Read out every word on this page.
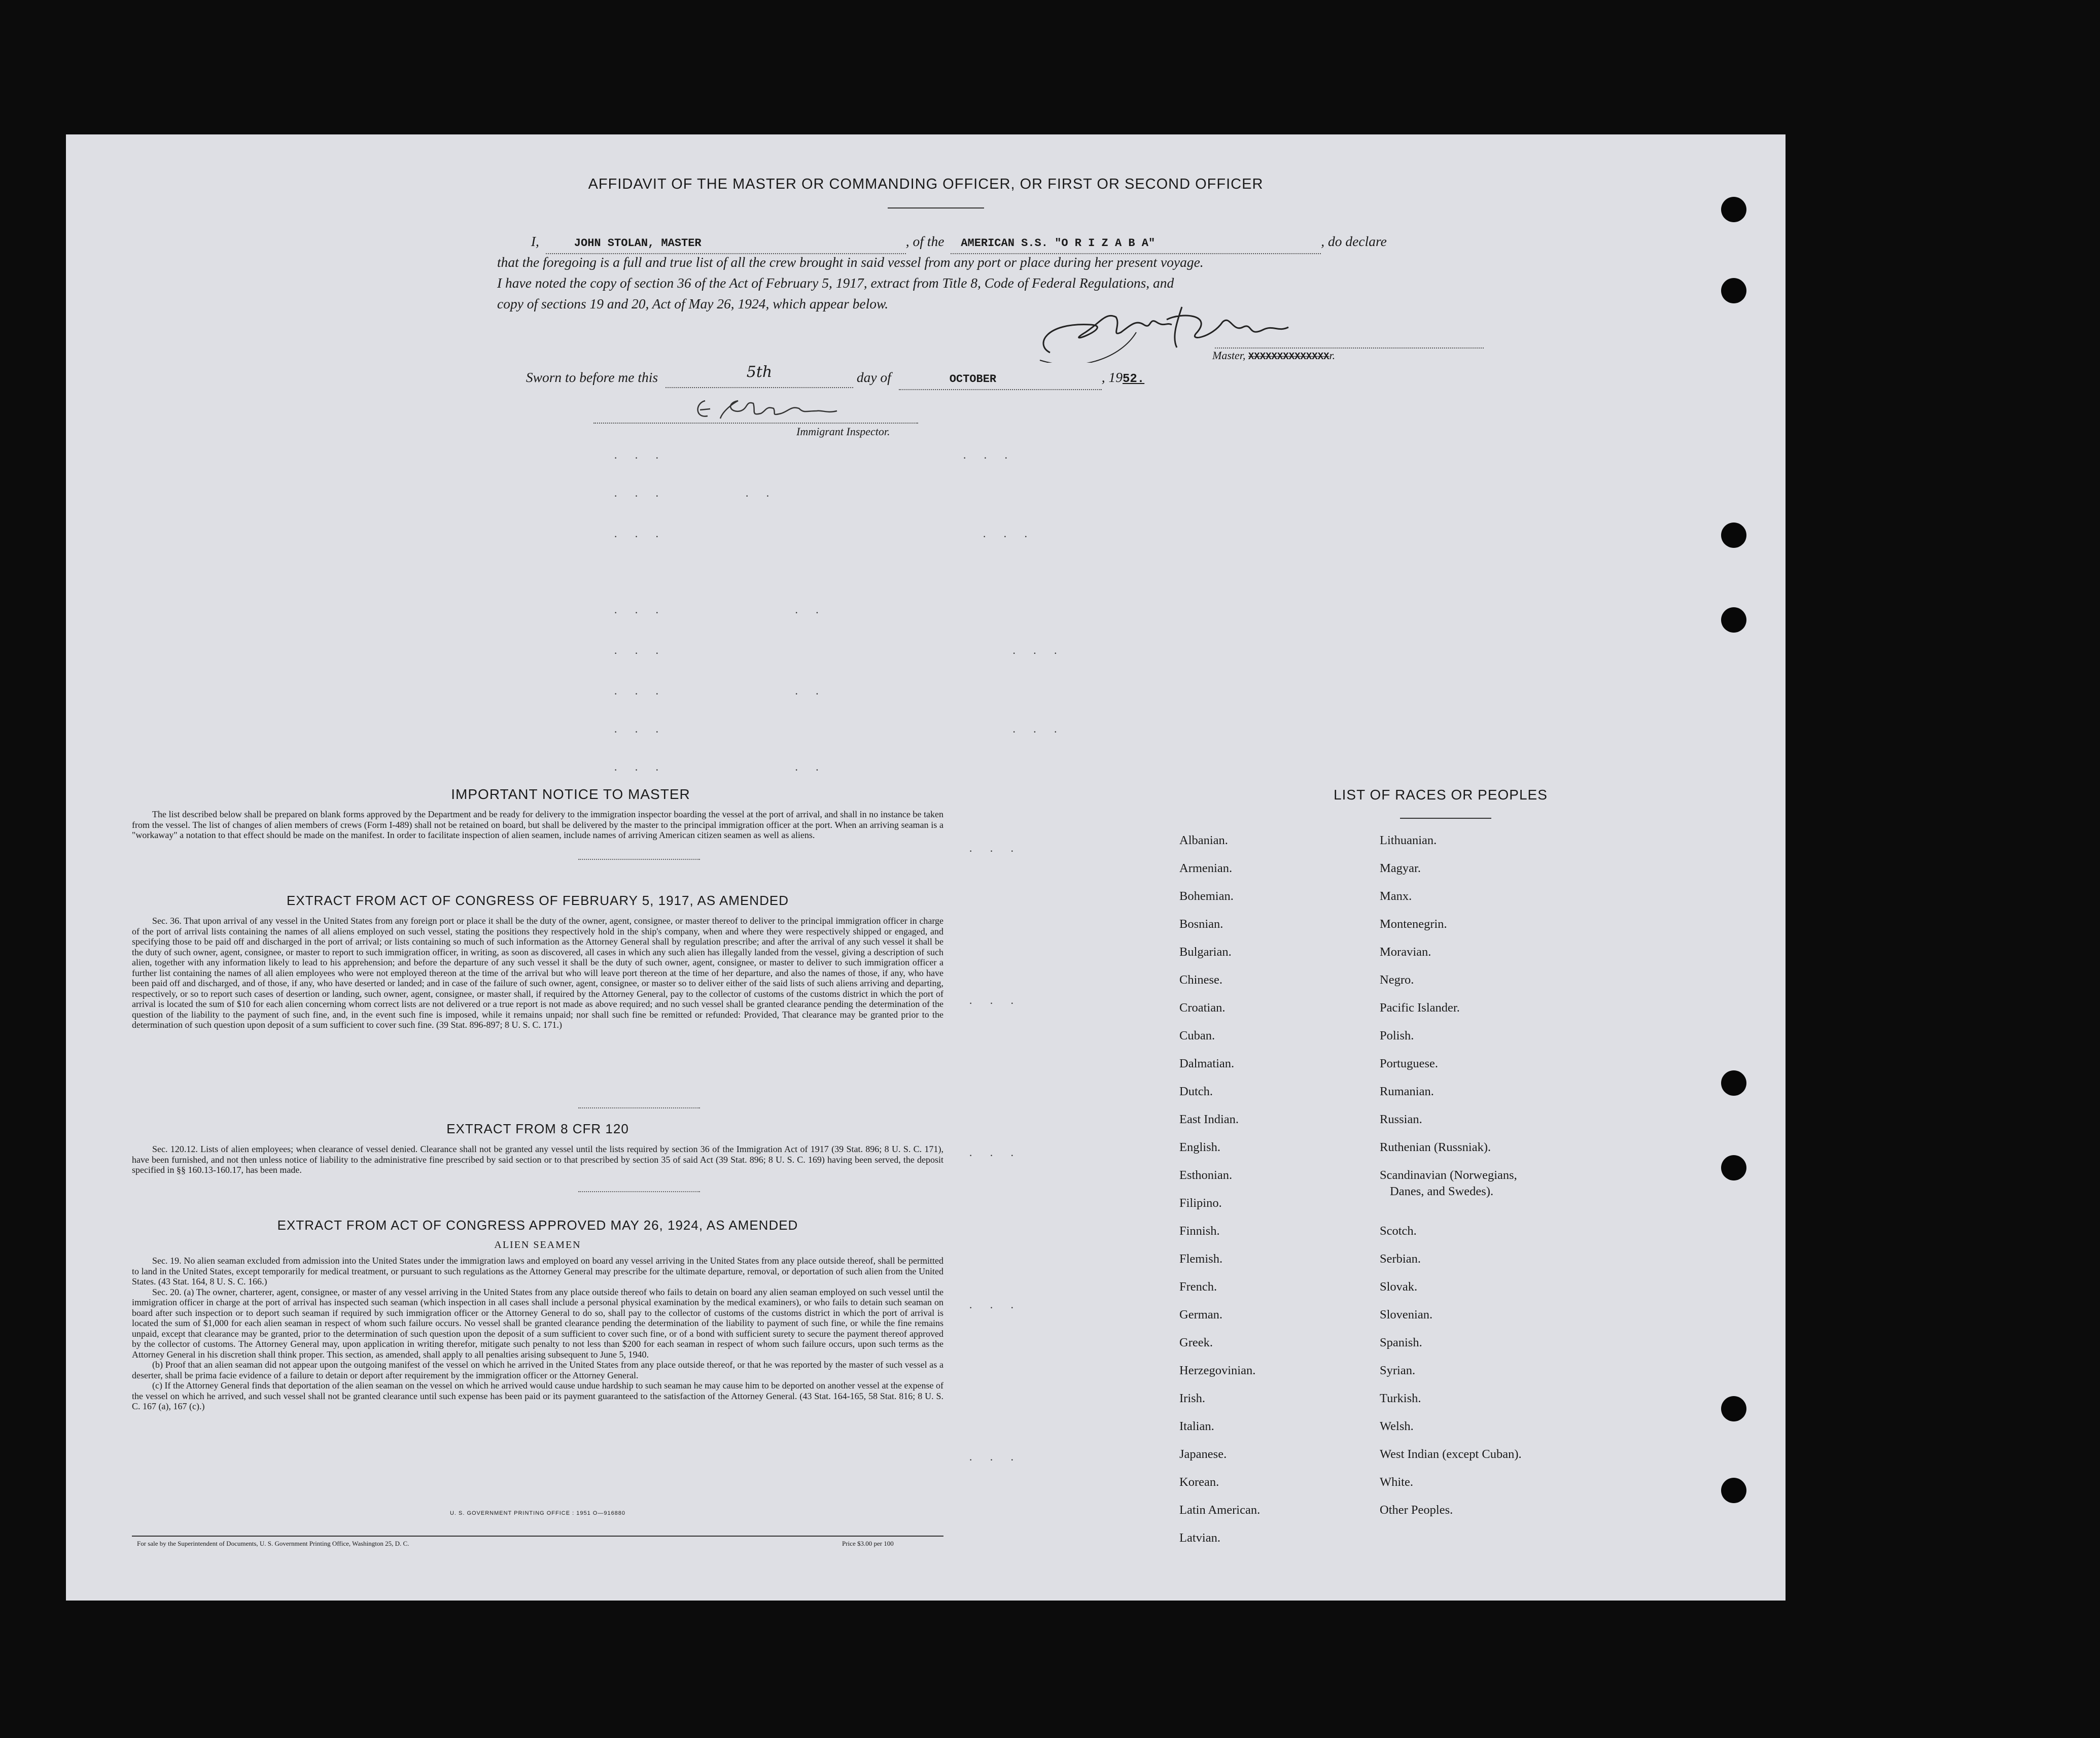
AFFIDAVIT OF THE MASTER OR COMMANDING OFFICER, OR FIRST OR SECOND OFFICER
I,	JOHN STOLAN, MASTER	, of the AMERICAN S.S. "O R I Z A B A"	, do declare
that the foregoing is a full and true list of all the crew brought in said vessel from any port or place during her present voyage.
I have noted the copy of section 36 of the Act of February 5, 1917, extract from Title 8, Code of Federal Regulations, and
copy of sections 19 and 20, Act of May 26, 1924, which appear below.
Master, XXXXXXXXXXXXXXr.
Sworn to before me this	5th	day of	OCTOBER	, 1952.
Immigrant Inspector.
· · ·                              · · ·
· · ·        · ·
· · ·                                · · ·
· · ·             · ·
· · ·                                   · · ·
· · ·             · ·
· · ·                                   · · ·
· · ·             · ·
· · ·
· · ·
· · ·
· · ·
· · ·
IMPORTANT NOTICE TO MASTER

The list described below shall be prepared on blank forms approved by the Department and be ready for delivery to the immigration inspector boarding the vessel at the port of arrival, and shall in no instance be taken from the vessel. The list of changes of alien members of crews (Form I-489) shall not be retained on board, but shall be delivered by the master to the principal immigration officer at the port. When an arriving seaman is a "workaway" a notation to that effect should be made on the manifest. In order to facilitate inspection of alien seamen, include names of arriving American citizen seamen as well as aliens.

EXTRACT FROM ACT OF CONGRESS OF FEBRUARY 5, 1917, AS AMENDED

Sec. 36. That upon arrival of any vessel in the United States from any foreign port or place it shall be the duty of the owner, agent, consignee, or master thereof to deliver to the principal immigration officer in charge of the port of arrival lists containing the names of all aliens employed on such vessel, stating the positions they respectively hold in the ship's company, when and where they were respectively shipped or engaged, and specifying those to be paid off and discharged in the port of arrival; or lists containing so much of such information as the Attorney General shall by regulation prescribe; and after the arrival of any such vessel it shall be the duty of such owner, agent, consignee, or master to report to such immigration officer, in writing, as soon as discovered, all cases in which any such alien has illegally landed from the vessel, giving a description of such alien, together with any information likely to lead to his apprehension; and before the departure of any such vessel it shall be the duty of such owner, agent, consignee, or master to deliver to such immigration officer a further list containing the names of all alien employees who were not employed thereon at the time of the arrival but who will leave port thereon at the time of her departure, and also the names of those, if any, who have been paid off and discharged, and of those, if any, who have deserted or landed; and in case of the failure of such owner, agent, consignee, or master so to deliver either of the said lists of such aliens arriving and departing, respectively, or so to report such cases of desertion or landing, such owner, agent, consignee, or master shall, if required by the Attorney General, pay to the collector of customs of the customs district in which the port of arrival is located the sum of $10 for each alien concerning whom correct lists are not delivered or a true report is not made as above required; and no such vessel shall be granted clearance pending the determination of the question of the liability to the payment of such fine, and, in the event such fine is imposed, while it remains unpaid; nor shall such fine be remitted or refunded: Provided, That clearance may be granted prior to the determination of such question upon deposit of a sum sufficient to cover such fine. (39 Stat. 896-897; 8 U. S. C. 171.)

EXTRACT FROM 8 CFR 120

Sec. 120.12. Lists of alien employees; when clearance of vessel denied. Clearance shall not be granted any vessel until the lists required by section 36 of the Immigration Act of 1917 (39 Stat. 896; 8 U. S. C. 171), have been furnished, and not then unless notice of liability to the administrative fine prescribed by said section or to that prescribed by section 35 of said Act (39 Stat. 896; 8 U. S. C. 169) having been served, the deposit specified in §§ 160.13-160.17, has been made.

EXTRACT FROM ACT OF CONGRESS APPROVED MAY 26, 1924, AS AMENDED
ALIEN SEAMEN

Sec. 19. No alien seaman excluded from admission into the United States under the immigration laws and employed on board any vessel arriving in the United States from any place outside thereof, shall be permitted to land in the United States, except temporarily for medical treatment, or pursuant to such regulations as the Attorney General may prescribe for the ultimate departure, removal, or deportation of such alien from the United States. (43 Stat. 164, 8 U. S. C. 166.)

Sec. 20. (a) The owner, charterer, agent, consignee, or master of any vessel arriving in the United States from any place outside thereof who fails to detain on board any alien seaman employed on such vessel until the immigration officer in charge at the port of arrival has inspected such seaman (which inspection in all cases shall include a personal physical examination by the medical examiners), or who fails to detain such seaman on board after such inspection or to deport such seaman if required by such immigration officer or the Attorney General to do so, shall pay to the collector of customs of the customs district in which the port of arrival is located the sum of $1,000 for each alien seaman in respect of whom such failure occurs. No vessel shall be granted clearance pending the determination of the liability to payment of such fine, or while the fine remains unpaid, except that clearance may be granted, prior to the determination of such question upon the deposit of a sum sufficient to cover such fine, or of a bond with sufficient surety to secure the payment thereof approved by the collector of customs. The Attorney General may, upon application in writing therefor, mitigate such penalty to not less than $200 for each seaman in respect of whom such failure occurs, upon such terms as the Attorney General in his discretion shall think proper. This section, as amended, shall apply to all penalties arising subsequent to June 5, 1940.

(b) Proof that an alien seaman did not appear upon the outgoing manifest of the vessel on which he arrived in the United States from any place outside thereof, or that he was reported by the master of such vessel as a deserter, shall be prima facie evidence of a failure to detain or deport after requirement by the immigration officer or the Attorney General.

(c) If the Attorney General finds that deportation of the alien seaman on the vessel on which he arrived would cause undue hardship to such seaman he may cause him to be deported on another vessel at the expense of the vessel on which he arrived, and such vessel shall not be granted clearance until such expense has been paid or its payment guaranteed to the satisfaction of the Attorney General. (43 Stat. 164-165, 58 Stat. 816; 8 U. S. C. 167 (a), 167 (c).)

U. S. GOVERNMENT PRINTING OFFICE : 1951 O—916880
For sale by the Superintendent of Documents, U. S. Government Printing Office, Washington 25, D. C.	Price $3.00 per 100
LIST OF RACES OR PEOPLES
Albanian.
Armenian.
Bohemian.
Bosnian.
Bulgarian.
Chinese.
Croatian.
Cuban.
Dalmatian.
Dutch.
East Indian.
English.
Esthonian.
Filipino.
Finnish.
Flemish.
French.
German.
Greek.
Herzegovinian.
Irish.
Italian.
Japanese.
Korean.
Latin American.
Latvian.
Lithuanian.
Magyar.
Manx.
Montenegrin.
Moravian.
Negro.
Pacific Islander.
Polish.
Portuguese.
Rumanian.
Russian.
Ruthenian (Russniak).
Scandinavian (Norwegians,
Danes, and Swedes).
Scotch.
Serbian.
Slovak.
Slovenian.
Spanish.
Syrian.
Turkish.
Welsh.
West Indian (except Cuban).
White.
Other Peoples.
